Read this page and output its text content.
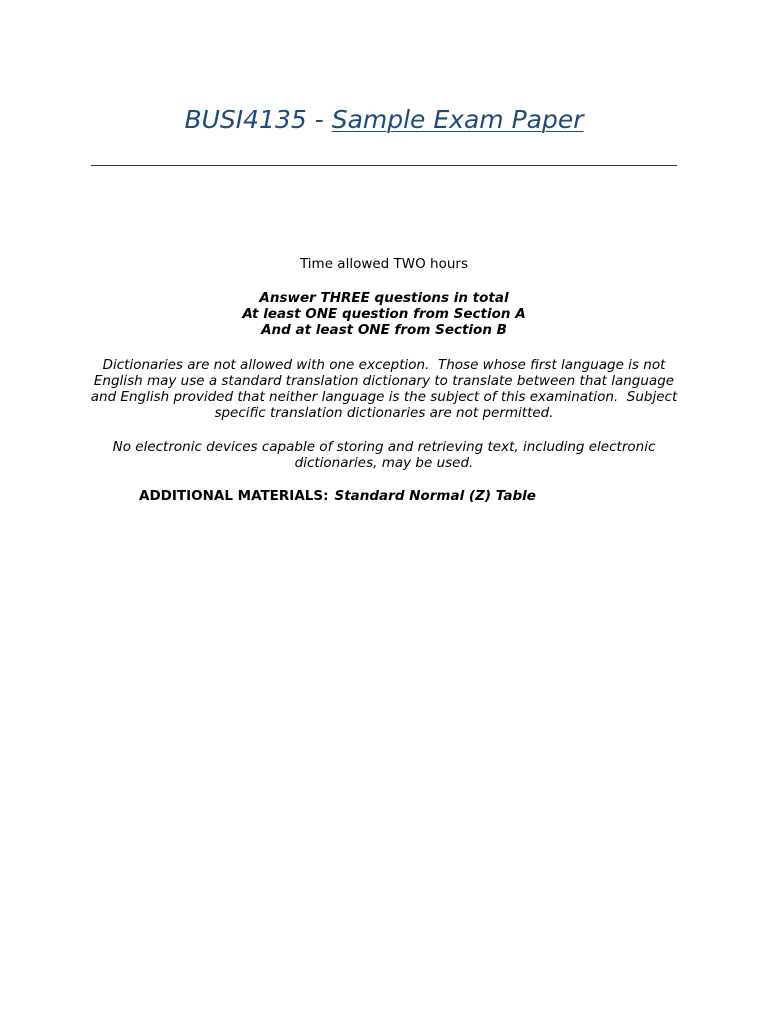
BUSI4135 - Sample Exam Paper
Time allowed TWO hours
Answer THREE questions in total
At least ONE question from Section A
And at least ONE from Section B
Dictionaries are not allowed with one exception.  Those whose first language is not English may use a standard translation dictionary to translate between that language and English provided that neither language is the subject of this examination.  Subject specific translation dictionaries are not permitted.
No electronic devices capable of storing and retrieving text, including electronic dictionaries, may be used.
ADDITIONAL MATERIALS: Standard Normal (Z) Table
